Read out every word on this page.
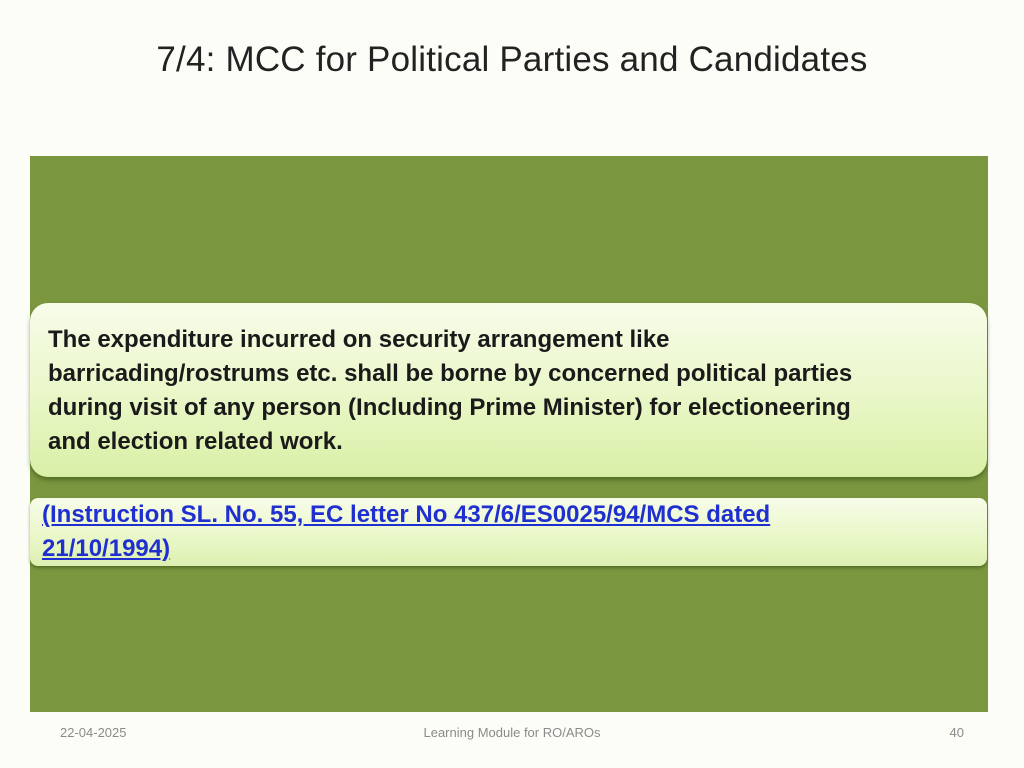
7/4: MCC for Political Parties and Candidates

The expenditure incurred on security arrangement like
barricading/rostrums etc. shall be borne by concerned political parties
during visit of any person (Including Prime Minister) for electioneering
and election related work.

(Instruction SL. No. 55, EC letter No 437/6/ES0025/94/MCS dated
21/10/1994)
22-04-2025	Learning Module for RO/AROs	40
